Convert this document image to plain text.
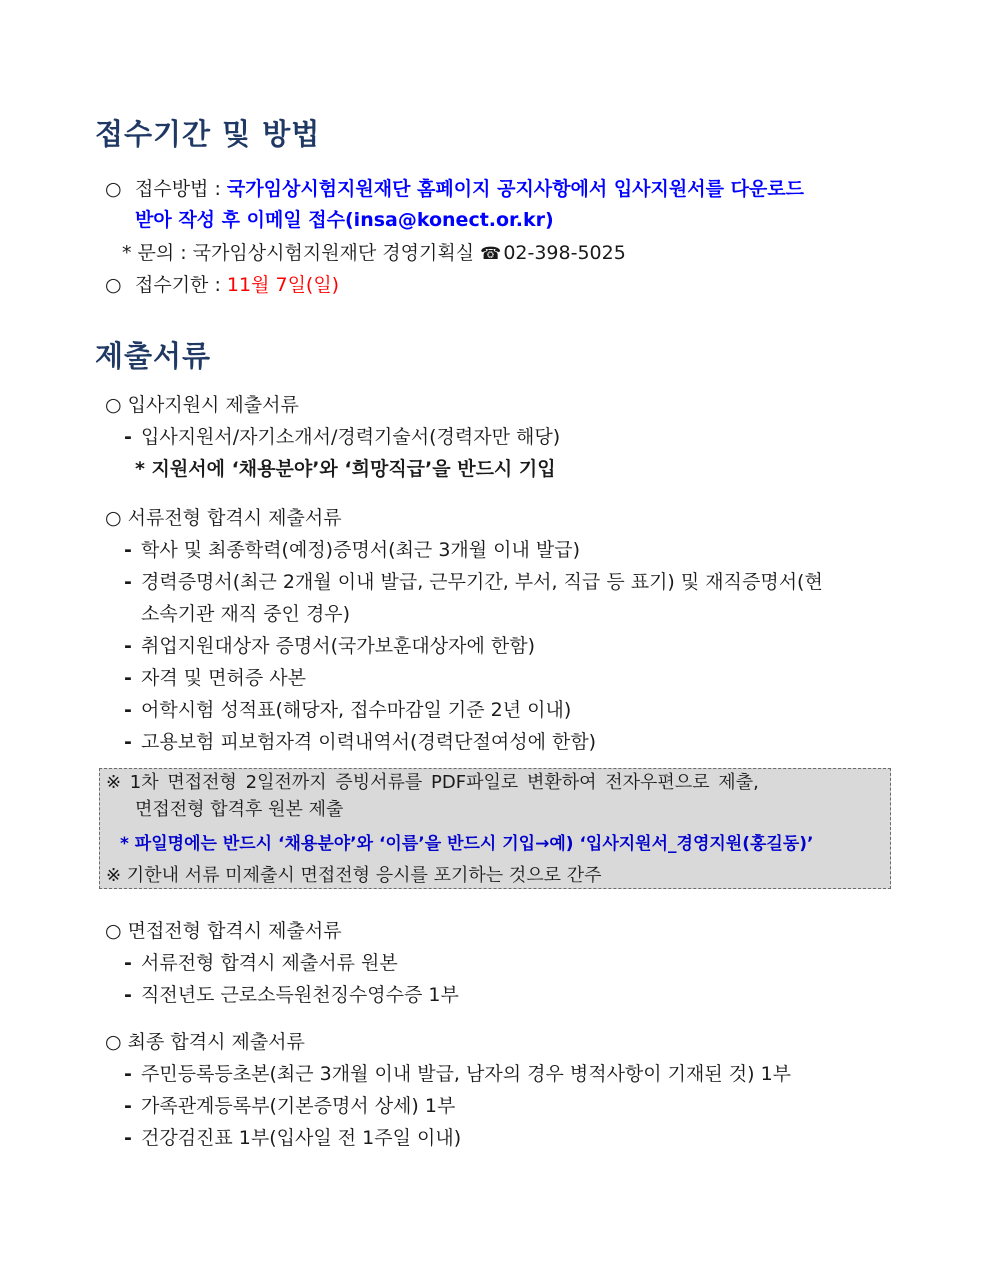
접수기간 및 방법
○ 접수방법 : 국가임상시험지원재단 홈페이지 공지사항에서 입사지원서를 다운로드
받아 작성 후 이메일 접수(insa@konect.or.kr)
* 문의 : 국가임상시험지원재단 경영기획실 ☎ 02-398-5025
○ 접수기한 : 11월 7일(일)
제출서류
○ 입사지원시 제출서류
- 입사지원서/자기소개서/경력기술서(경력자만 해당)
* 지원서에 ‘채용분야’와 ‘희망직급’을 반드시 기입
○ 서류전형 합격시 제출서류
- 학사 및 최종학력(예정)증명서(최근 3개월 이내 발급)
- 경력증명서(최근 2개월 이내 발급, 근무기간, 부서, 직급 등 표기) 및 재직증명서(현
소속기관 재직 중인 경우)
- 취업지원대상자 증명서(국가보훈대상자에 한함)
- 자격 및 면허증 사본
- 어학시험 성적표(해당자, 접수마감일 기준 2년 이내)
- 고용보험 피보험자격 이력내역서(경력단절여성에 한함)
※ 1차 면접전형 2일전까지 증빙서류를 PDF파일로 변환하여 전자우편으로 제출,
면접전형 합격후 원본 제출
* 파일명에는 반드시 ‘채용분야’와 ‘이름’을 반드시 기입→예) ‘입사지원서_경영지원(홍길동)’
※ 기한내 서류 미제출시 면접전형 응시를 포기하는 것으로 간주
○ 면접전형 합격시 제출서류
- 서류전형 합격시 제출서류 원본
- 직전년도 근로소득원천징수영수증 1부
○ 최종 합격시 제출서류
- 주민등록등초본(최근 3개월 이내 발급, 남자의 경우 병적사항이 기재된 것) 1부
- 가족관계등록부(기본증명서 상세) 1부
- 건강검진표 1부(입사일 전 1주일 이내)
